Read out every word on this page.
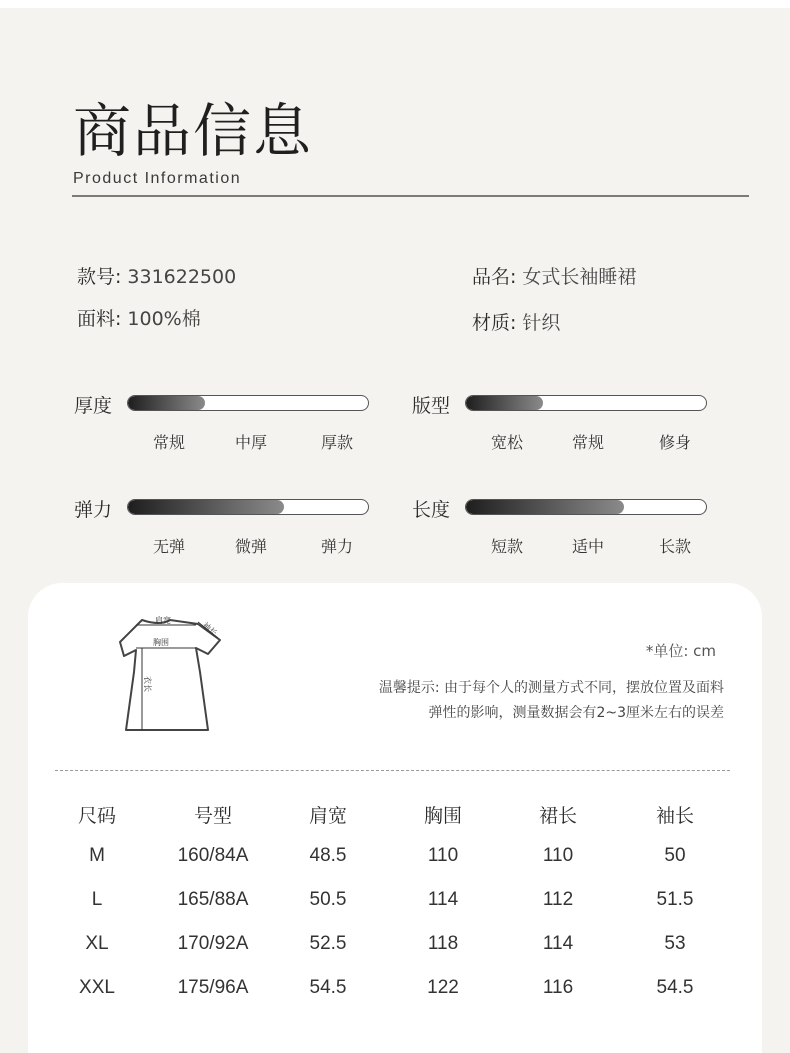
商品信息
Product Information
款号: 331622500	品名: 女式长袖睡裙
面料: 100%棉	材质: 针织
厚度
常规	中厚	厚款
版型
宽松	常规	修身
弹力
无弹	微弹	弹力
长度
短款	适中	长款
肩宽
胸围
袖长
衣长
*单位: cm
温馨提示: 由于每个人的测量方式不同，摆放位置及面料
弹性的影响，测量数据会有2~3厘米左右的误差
尺码	号型	肩宽	胸围	裙长	袖长
M	160/84A	48.5	110	110	50
L	165/88A	50.5	114	112	51.5
XL	170/92A	52.5	118	114	53
XXL	175/96A	54.5	122	116	54.5
